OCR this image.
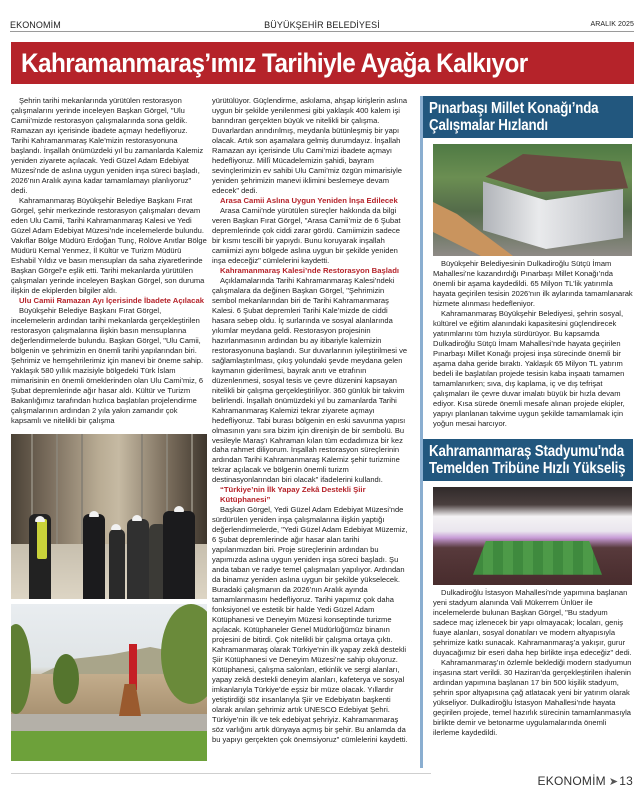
EKONOMİM	BÜYÜKŞEHİR BELEDİYESİ	ARALIK 2025
Kahramanmaraş’ımız Tarihiyle Ayağa Kalkıyor

Şehrin tarihi mekanlarında yürütülen restorasyon çalışmalarını yerinde inceleyen Başkan Görgel, "Ulu Camii’mizde restorasyon çalışmalarında sona geldik. Ramazan ayı içerisinde ibadete açmayı hedefliyoruz. Tarihi Kahramanmaraş Kale’mizin restorasyonuna başlandı. İnşallah önümüzdeki yıl bu zamanlarda Kalemiz yeniden ziyarete açılacak. Yedi Güzel Adam Edebiyat Müzesi’nde de aslına uygun yeniden inşa süreci başladı, 2026’nın Aralık ayına kadar tamamlamayı planlıyoruz" dedi.

Kahramanmaraş Büyükşehir Belediye Başkanı Fırat Görgel, şehir merkezinde restorasyon çalışmaları devam eden Ulu Camii, Tarihi Kahramanmaraş Kalesi ve Yedi Güzel Adam Edebiyat Müzesi’nde incelemelerde bulundu. Vakıflar Bölge Müdürü Erdoğan Tunç, Rölöve Anıtlar Bölge Müdürü Kemal Yenmez, İl Kültür ve Turizm Müdürü Eshabil Yıldız ve basın mensupları da saha ziyaretlerinde Başkan Görgel’e eşlik etti. Tarihi mekanlarda yürütülen çalışmaları yerinde inceleyen Başkan Görgel, son duruma ilişkin de ekiplerden bilgiler aldı.

Ulu Camii Ramazan Ayı İçerisinde İbadete Açılacak

Büyükşehir Belediye Başkanı Fırat Görgel, incelemelerin ardından tarihi mekanlarda gerçekleştirilen restorasyon çalışmalarına ilişkin basın mensuplarına değerlendirmelerde bulundu. Başkan Görgel, "Ulu Camii, bölgenin ve şehrimizin en önemli tarihi yapılarından biri. Şehrimiz ve hemşehrilerimiz için manevi bir öneme sahip. Yaklaşık 580 yıllık mazisiyle bölgedeki Türk İslam mimarisinin en önemli örneklerinden olan Ulu Cami’miz, 6 Şubat depremlerinde ağır hasar aldı. Kültür ve Turizm Bakanlığımız tarafından hızlıca başlatılan projelendirme çalışmalarının ardından 2 yıla yakın zamandır çok kapsamlı ve nitelikli bir çalışma

yürütülüyor. Güçlendirme, askılama, ahşap kirişlerin aslına uygun bir şekilde yenilenmesi gibi yaklaşık 400 kalem işi barındıran gerçekten büyük ve nitelikli bir çalışma. Duvarlardan arındırılmış, meydanla bütünleşmiş bir yapı olacak. Artık son aşamalara gelmiş durumdayız. İnşallah Ramazan ayı içerisinde Ulu Cami’mizi ibadete açmayı hedefliyoruz. Millî Mücadelemizin şahidi, bayram sevinçlerimizin ev sahibi Ulu Cami’miz özgün mimarisiyle yeniden şehrimizin manevi iklimini beslemeye devam edecek" dedi.

Arasa Camii Aslına Uygun Yeniden İnşa Edilecek

Arasa Camii’nde yürütülen süreçler hakkında da bilgi veren Başkan Fırat Görgel, "Arasa Camii’miz de 6 Şubat depremlerinde çok ciddi zarar gördü. Camiimizin sadece bir kısmı tescilli bir yapıydı. Bunu koruyarak inşallah camiimizi aynı bölgede aslına uygun bir şekilde yeniden inşa edeceğiz" cümlelerini kaydetti.

Kahramanmaraş Kalesi’nde Restorasyon Başladı

Açıklamalarında Tarihi Kahramanmaraş Kalesi’ndeki çalışmalara da değinen Başkan Görgel, "Şehrimizin sembol mekanlarından biri de Tarihi Kahramanmaraş Kalesi. 6 Şubat depremleri Tarihi Kale’mizde de ciddi hasara sebep oldu. İç surlarında ve sosyal alanlarında yıkımlar meydana geldi. Restorasyon projesinin hazırlanmasının ardından bu ay itibariyle kalemizin restorasyonuna başlandı. Sur duvarlarının iyileştirilmesi ve sağlamlaştırılması, çıkış yolundaki şevde meydana gelen kaymanın giderilmesi, bayrak anıtı ve etrafının düzenlenmesi, sosyal tesis ve çevre düzenini kapsayan nitelikli bir çalışma gerçekleştiriliyor. 360 günlük bir takvim belirlendi. İnşallah önümüzdeki yıl bu zamanlarda Tarihi Kahramanmaraş Kalemizi tekrar ziyarete açmayı hedefliyoruz. Tabi burası bölgenin en eski savunma yapısı olmasının yanı sıra bizim için direnişin de bir sembolü. Bu vesileyle Maraş’ı Kahraman kılan tüm ecdadımıza bir kez daha rahmet diliyorum. İnşallah restorasyon süreçlerinin ardından Tarihi Kahramanmaraş Kalemiz şehir turizmine tekrar açılacak ve bölgenin önemli turizm destinasyonlarından biri olacak" ifadelerini kullandı.

“Türkiye’nin İlk Yapay Zekâ Destekli Şiir Kütüphanesi”

Başkan Görgel, Yedi Güzel Adam Edebiyat Müzesi’nde sürdürülen yeniden inşa çalışmalarına ilişkin yaptığı değerlendirmelerde, "Yedi Güzel Adam Edebiyat Müzemiz, 6 Şubat depremlerinde ağır hasar alan tarihi yapılarımızdan biri. Proje süreçlerinin ardından bu yapımızda aslına uygun yeniden inşa süreci başladı. Şu anda taban ve radye temel çalışmaları yapılıyor. Ardından da binamız yeniden aslına uygun bir şekilde yükselecek. Buradaki çalışmanın da 2026’nın Aralık ayında tamamlanmasını hedefliyoruz. Tarihi yapımız çok daha fonksiyonel ve estetik bir halde Yedi Güzel Adam Kütüphanesi ve Deneyim Müzesi konseptinde turizme açılacak. Kütüphaneler Genel Müdürlüğümüz binanın projesini de bitirdi. Çok nitelikli bir çalışma ortaya çıktı. Kahramanmaraş olarak Türkiye’nin ilk yapay zekâ destekli Şiir Kütüphanesi ve Deneyim Müzesi’ne sahip oluyoruz. Kütüphanesi, çalışma salonları, etkinlik ve sergi alanları, yapay zekâ destekli deneyim alanları, kafeterya ve sosyal imkanlarıyla Türkiye’de eşsiz bir müze olacak. Yıllardır yetiştirdiği söz insanlarıyla Şiir ve Edebiyatın başkenti olarak anılan şehrimiz artık UNESCO Edebiyat Şehri. Türkiye’nin ilk ve tek edebiyat şehriyiz. Kahramanmaraş söz varlığını artık dünyaya açmış bir şehir. Bu anlamda da bu yapıyı gerçekten çok önemsiyoruz" cümlelerini kaydetti.

Pınarbaşı Millet Konağı’nda
Çalışmalar Hızlandı

Büyükşehir Belediyesinin Dulkadiroğlu Sütçü İmam Mahallesi’ne kazandırdığı Pınarbaşı Millet Konağı’nda önemli bir aşama kaydedildi. 65 Milyon TL’lik yatırımla hayata geçirilen tesisin 2026’nın ilk aylarında tamamlanarak hizmete alınması hedefleniyor.

Kahramanmaraş Büyükşehir Belediyesi, şehrin sosyal, kültürel ve eğitim alanındaki kapasitesini güçlendirecek yatırımlarını tüm hızıyla sürdürüyor. Bu kapsamda Dulkadiroğlu Sütçü İmam Mahallesi’nde hayata geçirilen Pınarbaşı Millet Konağı projesi inşa sürecinde önemli bir aşama daha geride bıraktı. Yaklaşık 65 Milyon TL yatırım bedeli ile başlatılan projede tesisin kaba inşaatı tamamen tamamlanırken; sıva, dış kaplama, iç ve dış tefrişat çalışmaları ile çevre duvar imalatı büyük bir hızla devam ediyor. Kısa sürede önemli mesafe alınan projede ekipler, yapıyı planlanan takvime uygun şekilde tamamlamak için yoğun mesai harcıyor.

Kahramanmaraş Stadyumu'nda
Temelden Tribüne Hızlı Yükseliş

Dulkadiroğlu İstasyon Mahallesi’nde yapımına başlanan yeni stadyum alanında Vali Mükerrem Ünlüer ile incelemelerde bulunan Başkan Görgel, "Bu stadyum sadece maç izlenecek bir yapı olmayacak; locaları, geniş fuaye alanları, sosyal donatıları ve modern altyapısıyla şehrimize katkı sunacak. Kahramanmaraş’a yakışır, gurur duyacağımız bir eseri daha hep birlikte inşa edeceğiz" dedi.

Kahramanmaraş’ın özlemle beklediği modern stadyumun inşasına start verildi. 30 Haziran’da gerçekleştirilen ihalenin ardından yapımına başlanan 17 bin 500 kişilik stadyum, şehrin spor altyapısına çağ atlatacak yeni bir yatırım olarak yükseliyor. Dulkadiroğlu İstasyon Mahallesi’nde hayata geçirilen projede, temel hazırlık sürecinin tamamlanmasıyla birlikte demir ve betonarme uygulamalarında önemli ilerleme kaydedildi.

EKONOMİM ➤13
